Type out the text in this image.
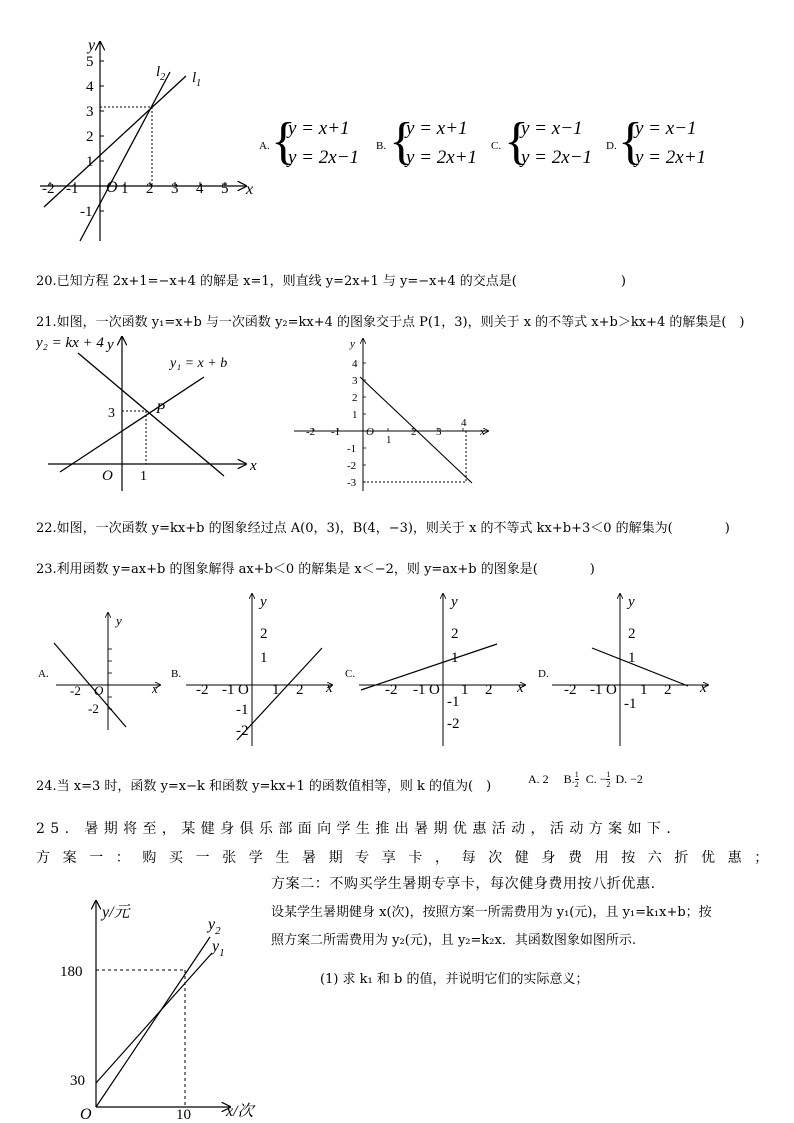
y
x
O
$l_2$ $l_1$
-2 -1	1 2 3 4 5
5
4
3
2
1
-1
A. {
y = x+1
y = 2x−1
B. {
y = x+1
y = 2x+1
C. {
y = x−1
y = 2x−1
D. {
y = x−1
y = 2x+1
20.已知方程 2x+1=−x+4 的解是 x=1，则直线 y=2x+1 与 y=−x+4 的交点是(　　　　　　　　)
21.如图，一次函数 y₁=x+b 与一次函数 y₂=kx+4 的图象交于点 P(1，3)，则关于 x 的不等式 x+b＞kx+4 的解集是(　)
y₂ = kx + 4 y
y₁ = x + b
P
3
1
O
x
y
x
O
-2 -1
1
2 3
4
4
3
2
1
-1
-2
-3
22.如图，一次函数 y=kx+b 的图象经过点 A(0，3)，B(4，−3)，则关于 x 的不等式 kx+b+3＜0 的解集为(　　　　)
23.利用函数 y=ax+b 的图象解得 ax+b＜0 的解集是 x＜−2，则 y=ax+b 的图象是(　　　　)
A.
y
x
-2 O
-2
B.
y
x
2
1
-2 -1 O 1 2
-1
-2
C.
y
x
2
1
-2 -1 O 1 2
-1
-2
D.
y
x
2
1
-2 -1 O 1 2
-1
24.当 x=3 时，函数 y=x−k 和函数 y=kx+1 的函数值相等，则 k 的值为(　)	A. 2 B. $\frac{1}{2} C$. − $\frac{1}{2} D$. −2
25. 暑期将至，某健身俱乐部面向学生推出暑期优惠活动，活动方案如下.
方案一：购买一张学生暑期专享卡，每次健身费用按六折优惠；
方案二：不购买学生暑期专享卡，每次健身费用按八折优惠.
设某学生暑期健身 x(次)，按照方案一所需费用为 y₁(元)，且 y₁=k₁x+b；按
照方案二所需费用为 y₂(元)，且 y₂=k₂x．其函数图象如图所示.
(1) 求 k₁ 和 b 的值，并说明它们的实际意义；
y/元
x/次
O
180
30
10
$y_2$
$y_1$
